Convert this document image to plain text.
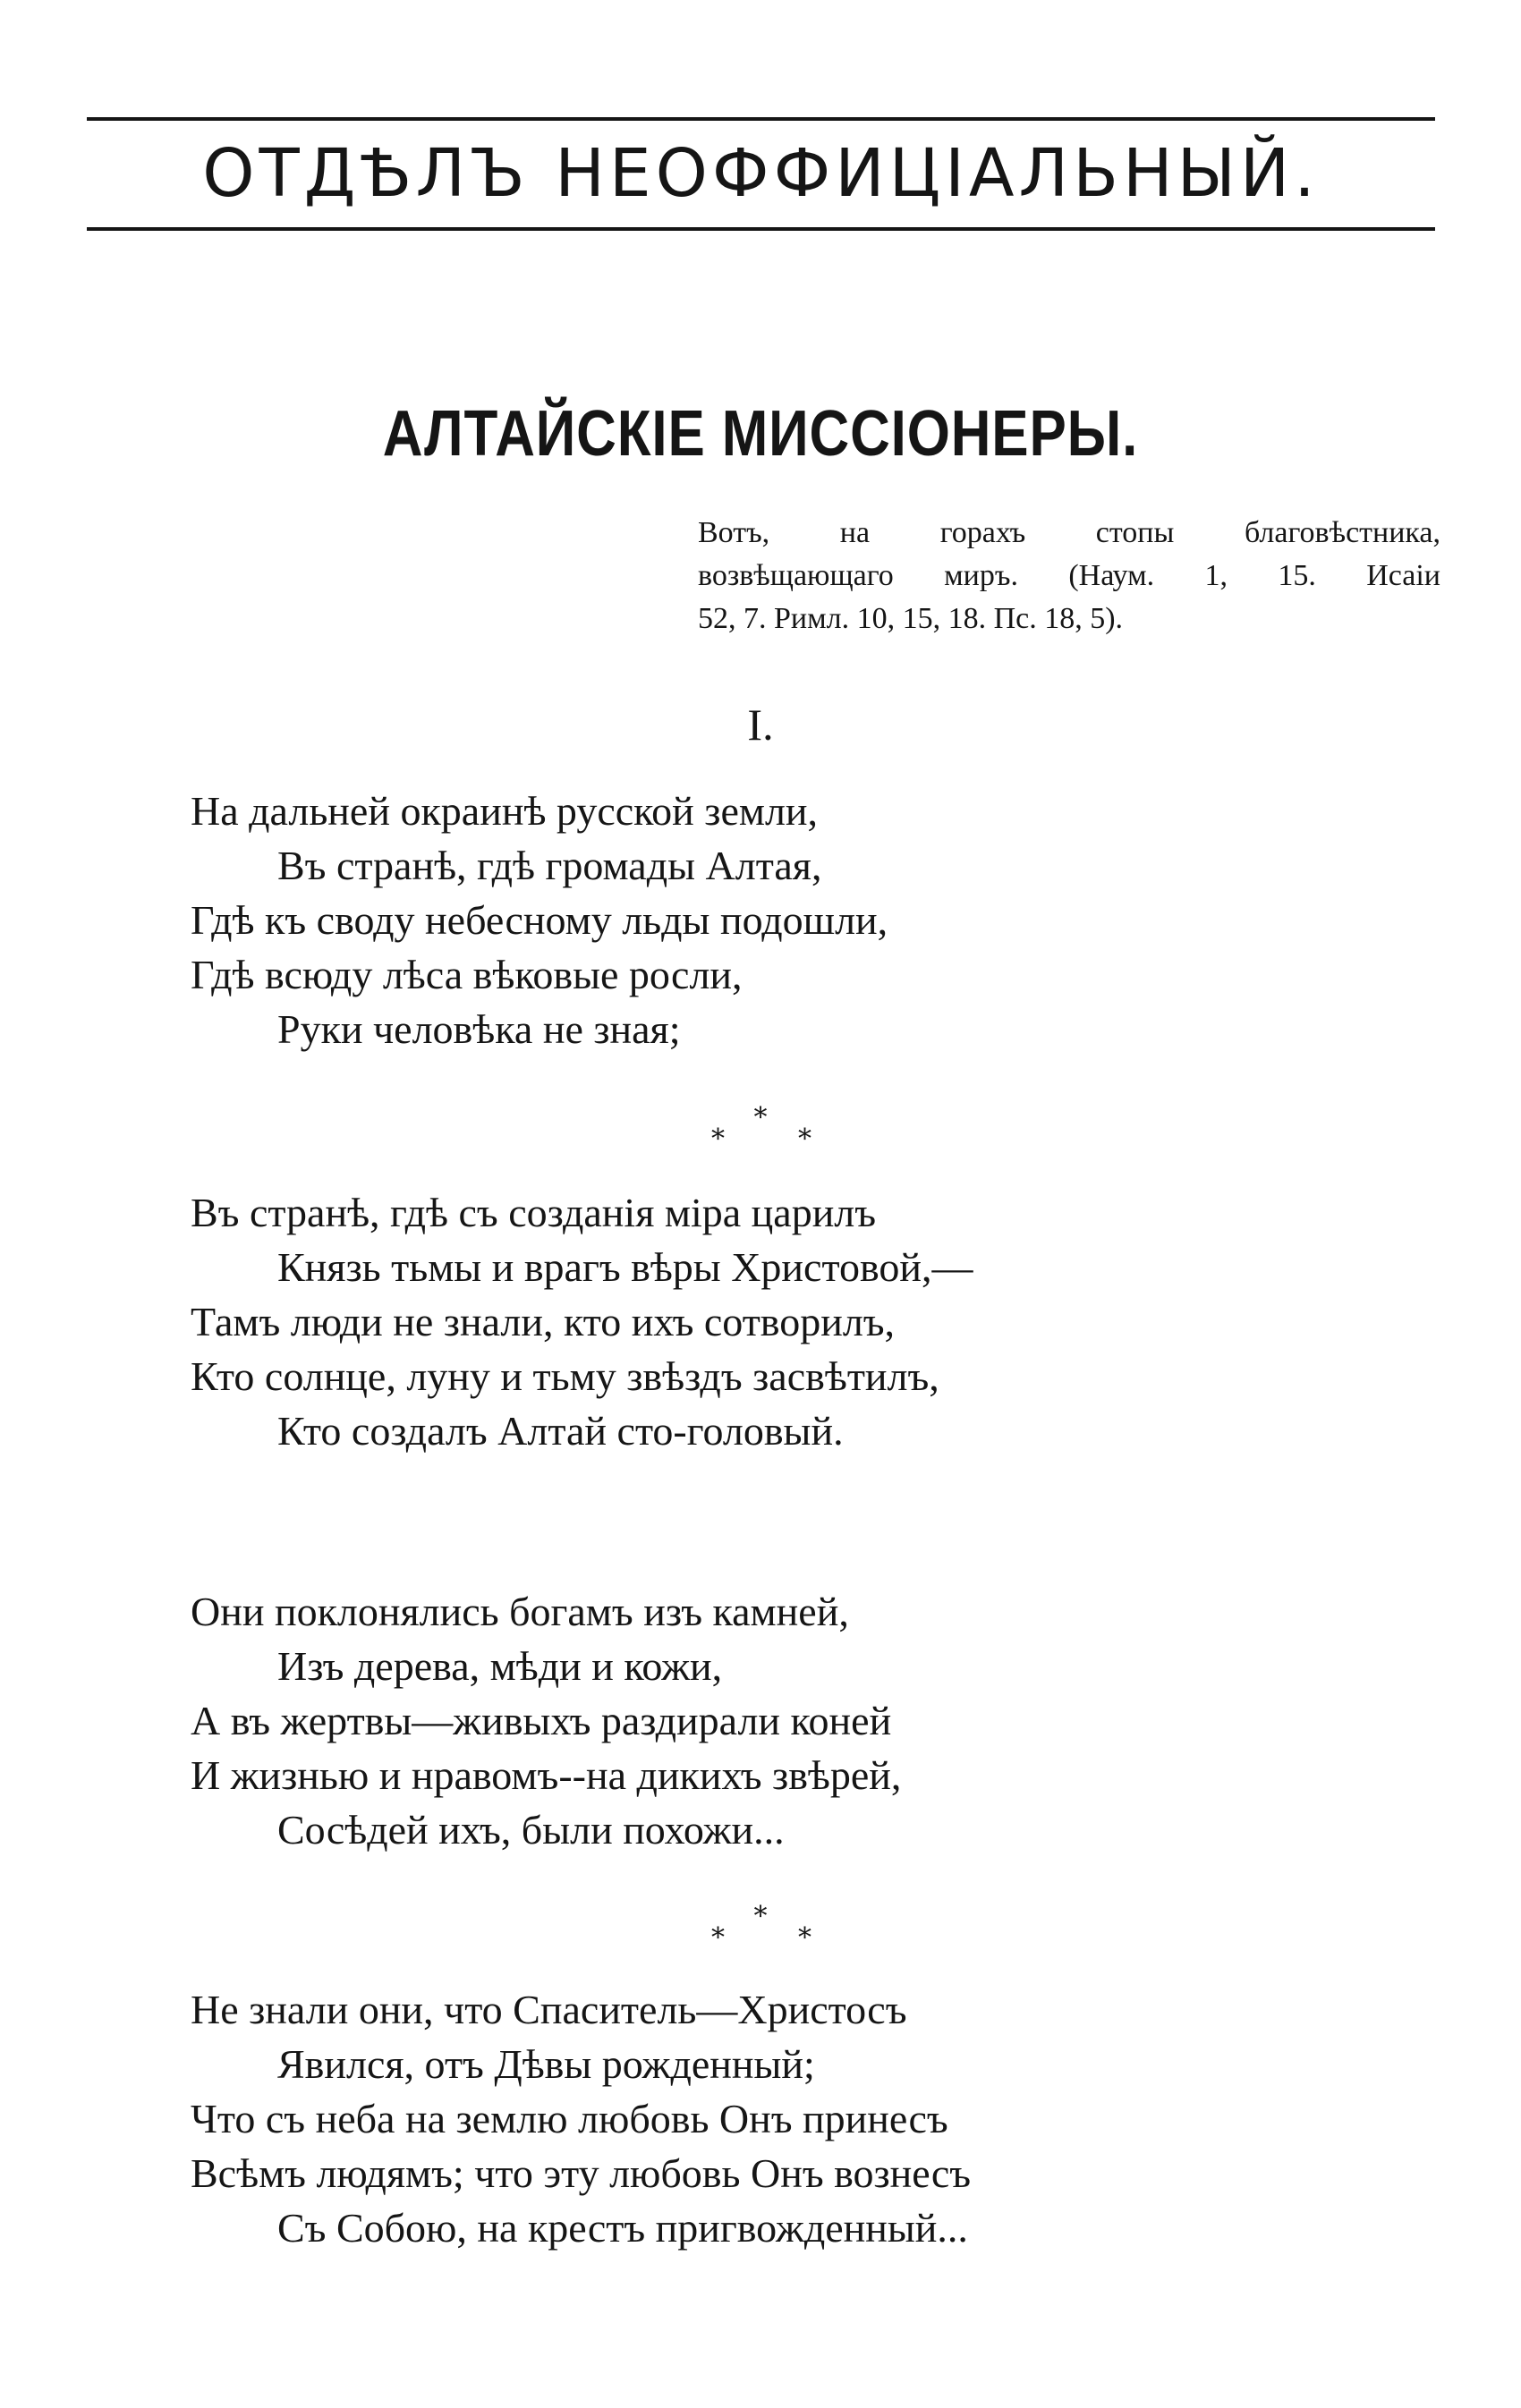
ОТДѢЛЪ НЕОФФИЦІАЛЬНЫЙ.
АЛТАЙСКІЕ МИССІОНЕРЫ.
Вотъ, на горахъ стопы благовѣстника,
возвѣщающаго миръ. (Наум. 1, 15. Исаіи
52, 7. Римл. 10, 15, 18. Пс. 18, 5).
I.
На дальней окраинѣ русской земли,
Въ странѣ, гдѣ громады Алтая,
Гдѣ къ своду небесному льды подошли,
Гдѣ всюду лѣса вѣковые росли,
Руки человѣка не зная;
*
*	*
Въ странѣ, гдѣ съ созданія міра царилъ
Князь тьмы и врагъ вѣры Христовой,—
Тамъ люди не знали, кто ихъ сотворилъ,
Кто солнце, луну и тьму звѣздъ засвѣтилъ,
Кто создалъ Алтай сто-головый.
Они поклонялись богамъ изъ камней,
Изъ дерева, мѣди и кожи,
А въ жертвы—живыхъ раздирали коней
И жизнью и нравомъ--на дикихъ звѣрей,
Сосѣдей ихъ, были похожи...
*
*	*
Не знали они, что Спаситель—Христосъ
Явился, отъ Дѣвы рожденный;
Что съ неба на землю любовь Онъ принесъ
Всѣмъ людямъ; что эту любовь Онъ вознесъ
Съ Собою, на крестъ пригвожденный...
